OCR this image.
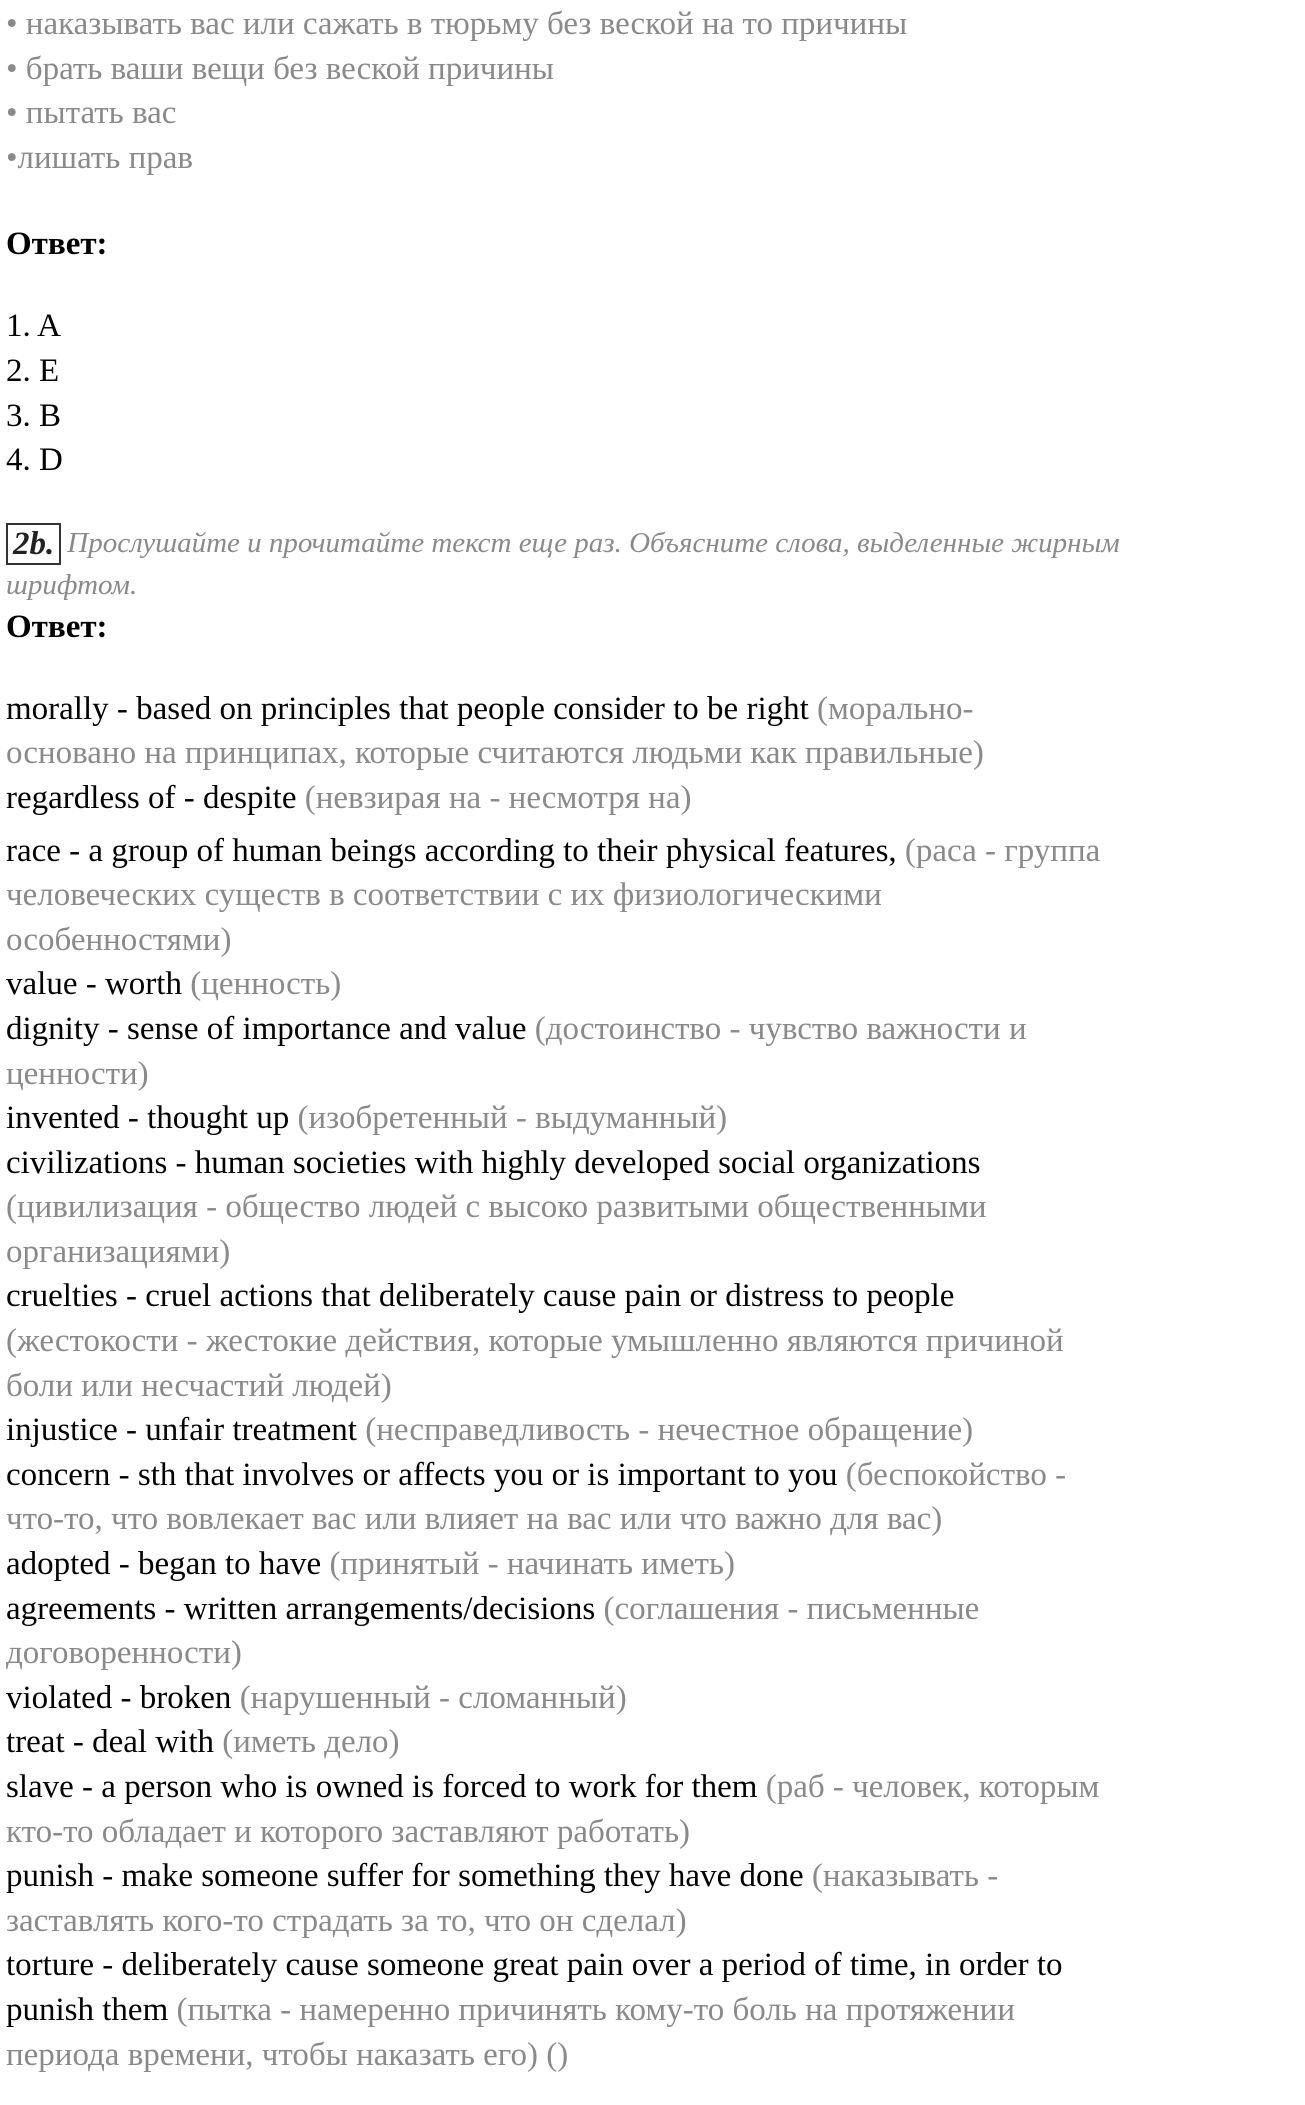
• наказывать вас или сажать в тюрьму без веской на то причины
• брать ваши вещи без веской причины
• пытать вас
•лишать прав
Ответ:
1. A
2. E
3. B
4. D
2b. Прослушайте и прочитайте текст еще раз. Объясните слова, выделенные жирным
шрифтом.
Ответ:
morally - based on principles that people consider to be right (морально-
основано на принципах, которые считаются людьми как правильные)
regardless of - despite (невзирая на - несмотря на)
race - a group of human beings according to their physical features, (раса - группа
человеческих существ в соответствии с их физиологическими
особенностями)
value - worth (ценность)
dignity - sense of importance and value (достоинство - чувство важности и
ценности)
invented - thought up (изобретенный - выдуманный)
civilizations - human societies with highly developed social organizations
(цивилизация - общество людей с высоко развитыми общественными
организациями)
cruelties - cruel actions that deliberately cause pain or distress to people
(жестокости - жестокие действия, которые умышленно являются причиной
боли или несчастий людей)
injustice - unfair treatment (несправедливость - нечестное обращение)
concern - sth that involves or affects you or is important to you (беспокойство -
что-то, что вовлекает вас или влияет на вас или что важно для вас)
adopted - began to have (принятый - начинать иметь)
agreements - written arrangements/decisions (соглашения - письменные
договоренности)
violated - broken (нарушенный - сломанный)
treat - deal with (иметь дело)
slave - a person who is owned is forced to work for them (раб - человек, которым
кто-то обладает и которого заставляют работать)
punish - make someone suffer for something they have done (наказывать -
заставлять кого-то страдать за то, что он сделал)
torture - deliberately cause someone great pain over a period of time, in order to
punish them (пытка - намеренно причинять кому-то боль на протяжении
периода времени, чтобы наказать его) ()
